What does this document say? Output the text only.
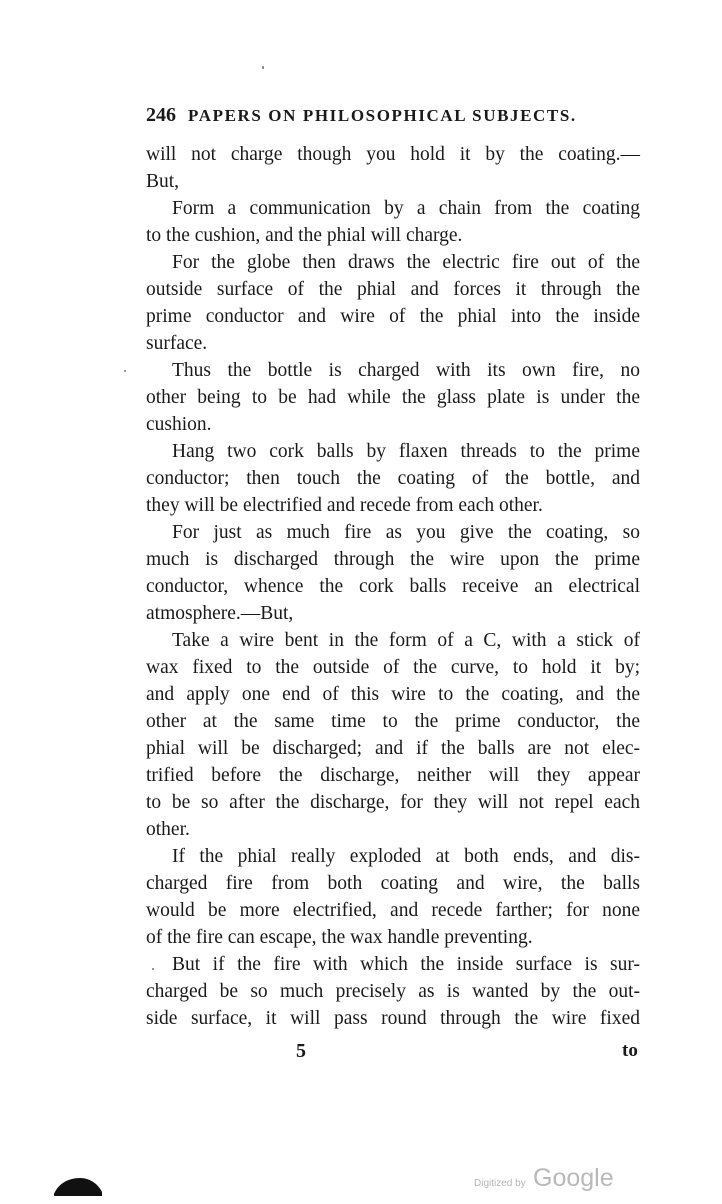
246 PAPERS ON PHILOSOPHICAL SUBJECTS.
will not charge though you hold it by the coating.—
But,
Form a communication by a chain from the coating
to the cushion, and the phial will charge.
For the globe then draws the electric fire out of the
outside surface of the phial and forces it through the
prime conductor and wire of the phial into the inside
surface.
Thus the bottle is charged with its own fire, no
other being to be had while the glass plate is under the
cushion.
Hang two cork balls by flaxen threads to the prime
conductor; then touch the coating of the bottle, and
they will be electrified and recede from each other.
For just as much fire as you give the coating, so
much is discharged through the wire upon the prime
conductor, whence the cork balls receive an electrical
atmosphere.—But,
Take a wire bent in the form of a C, with a stick of
wax fixed to the outside of the curve, to hold it by;
and apply one end of this wire to the coating, and the
other at the same time to the prime conductor, the
phial will be discharged; and if the balls are not elec-
trified before the discharge, neither will they appear
to be so after the discharge, for they will not repel each
other.
If the phial really exploded at both ends, and dis-
charged fire from both coating and wire, the balls
would be more electrified, and recede farther; for none
of the fire can escape, the wax handle preventing.
But if the fire with which the inside surface is sur-
charged be so much precisely as is wanted by the out-
side surface, it will pass round through the wire fixed
5	to
Digitized by Google
